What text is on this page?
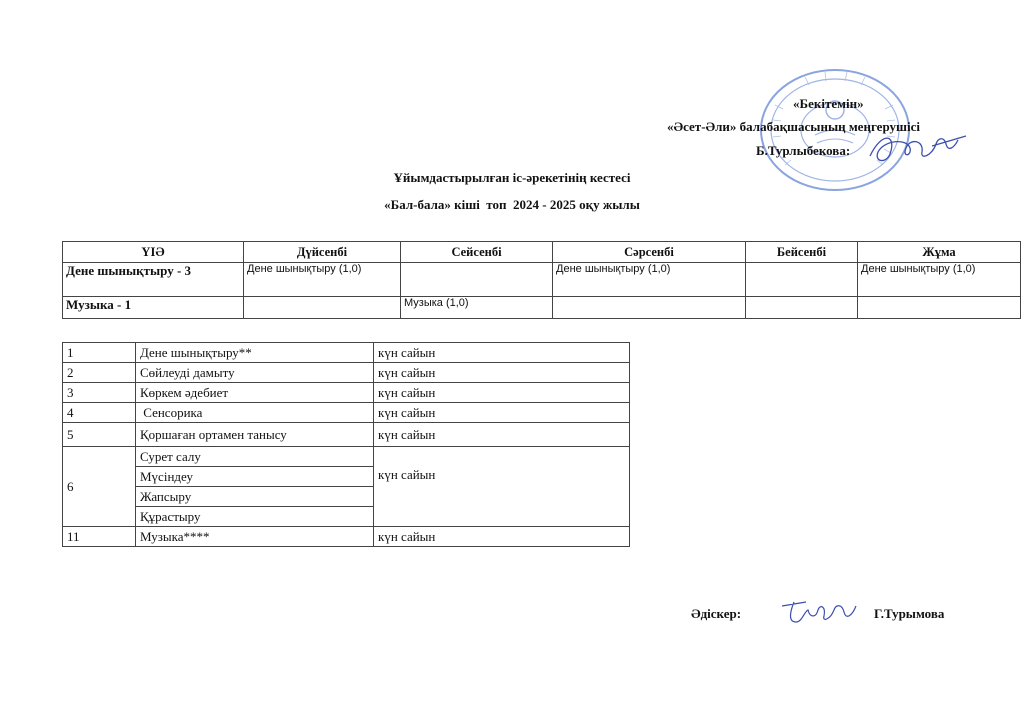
«Бекітемін»
«Әсет-Әли» балабақшасының меңгерушісі
Б.Турлыбекова:
Ұйымдастырылған іс-әрекетінің кестесі
«Бал-бала» кіші  топ  2024 - 2025 оқу жылы
ҮІӘ	Дүйсенбі	Сейсенбі	Сәрсенбі	Бейсенбі	Жұма
Дене шынықтыру - 3	Дене шынықтыру (1,0)		Дене шынықтыру (1,0)		Дене шынықтыру (1,0)
Музыка - 1		Музыка (1,0)			
1	Дене шынықтыру**	күн сайын
2	Сөйлеуді дамыту	күн сайын
3	Көркем әдебиет	күн сайын
4	Сенсорика	күн сайын
5	Қоршаған ортамен танысу	күн сайын
6	Сурет салу	күн сайын
	Мүсіндеу	
	Жапсыру	
	Құрастыру	
11	Музыка****	күн сайын
Әдіскер:	Г.Турымова
